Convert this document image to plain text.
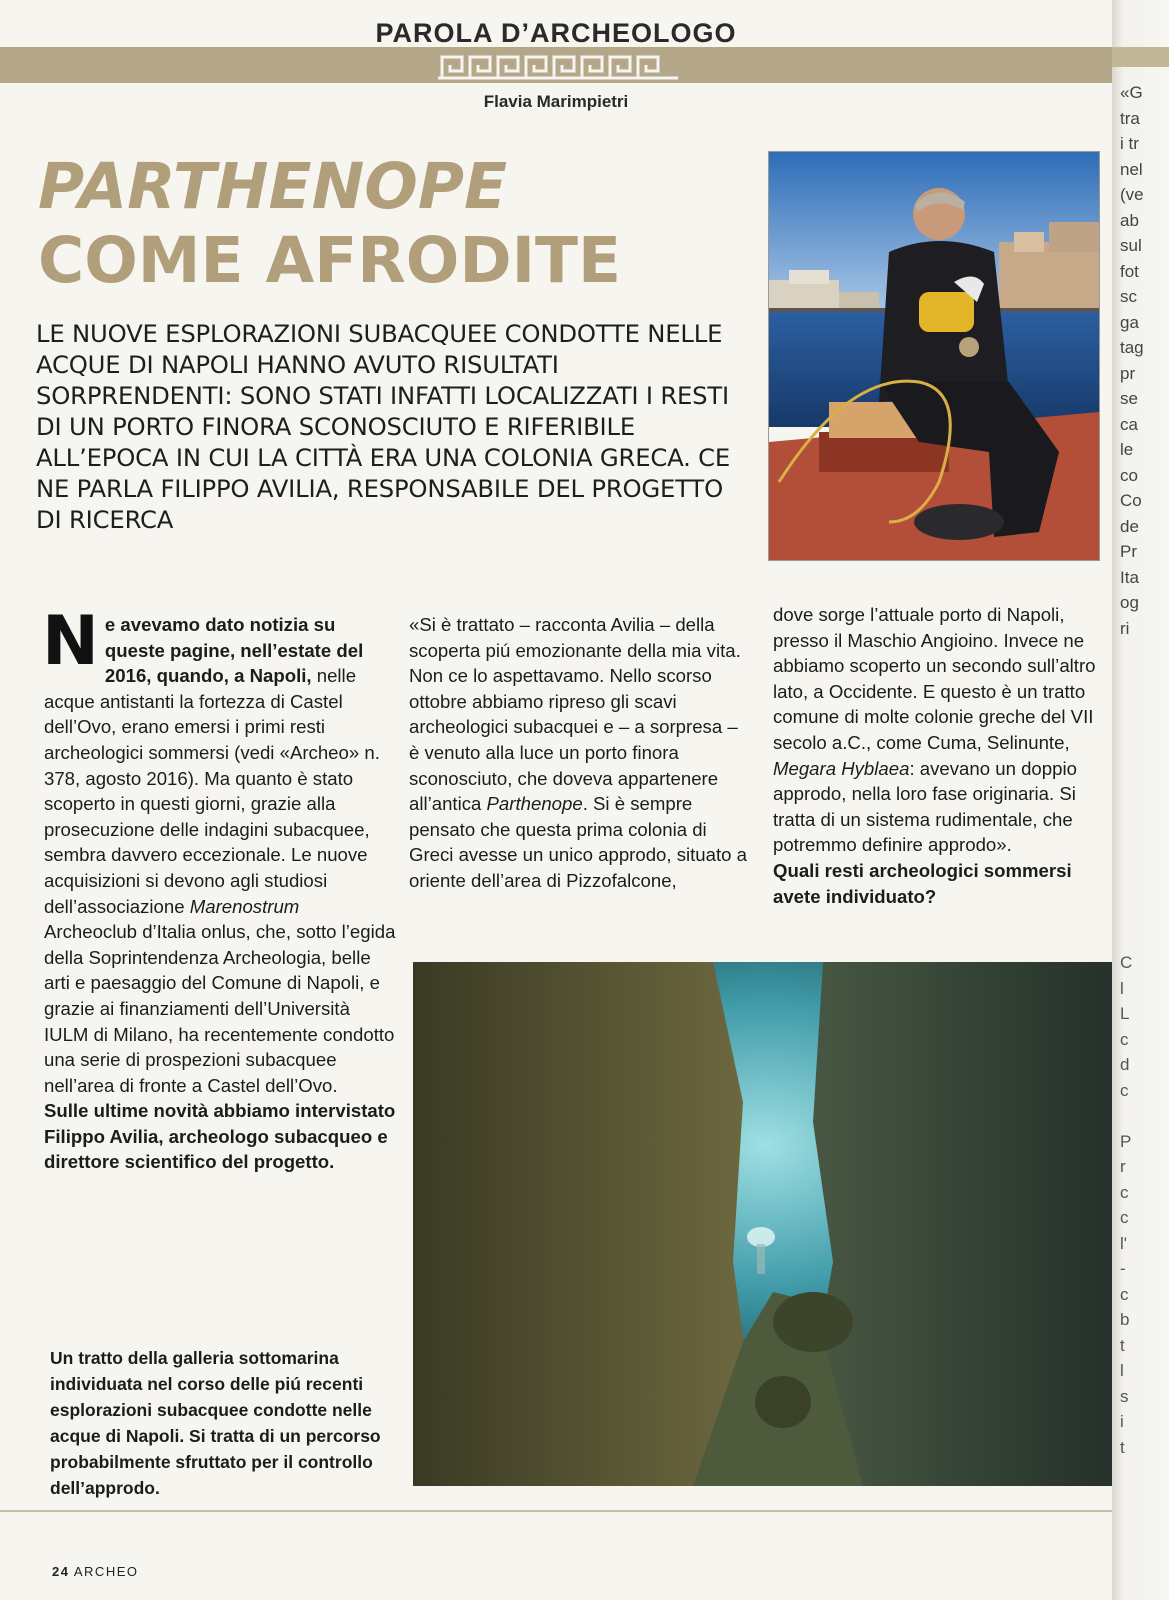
PAROLA D’ARCHEOLOGO
Flavia Marimpietri
PARTHENOPE
COME AFRODITE
LE NUOVE ESPLORAZIONI SUBACQUEE CONDOTTE NELLE ACQUE DI NAPOLI HANNO AVUTO RISULTATI SORPRENDENTI: SONO STATI INFATTI LOCALIZZATI I RESTI DI UN PORTO FINORA SCONOSCIUTO E RIFERIBILE ALL’EPOCA IN CUI LA CITTÀ ERA UNA COLONIA GRECA. CE NE PARLA FILIPPO AVILIA, RESPONSABILE DEL PROGETTO DI RICERCA
Ne avevamo dato notizia su queste pagine, nell’estate del 2016, quando, a Napoli, nelle acque antistanti la fortezza di Castel dell’Ovo, erano emersi i primi resti archeologici sommersi (vedi «Archeo» n. 378, agosto 2016). Ma quanto è stato scoperto in questi giorni, grazie alla prosecuzione delle indagini subacquee, sembra davvero eccezionale. Le nuove acquisizioni si devono agli studiosi dell’associazione Marenostrum Archeoclub d’Italia onlus, che, sotto l’egida della Soprintendenza Archeologia, belle arti e paesaggio del Comune di Napoli, e grazie ai finanziamenti dell’Università IULM di Milano, ha recentemente condotto una serie di prospezioni subacquee nell’area di fronte a Castel dell’Ovo.
Sulle ultime novità abbiamo intervistato Filippo Avilia, archeologo subacqueo e direttore scientifico del progetto.
«Si è trattato – racconta Avilia – della scoperta piú emozionante della mia vita. Non ce lo aspettavamo. Nello scorso ottobre abbiamo ripreso gli scavi archeologici subacquei e – a sorpresa – è venuto alla luce un porto finora sconosciuto, che doveva appartenere all’antica Parthenope. Si è sempre pensato che questa prima colonia di Greci avesse un unico approdo, situato a oriente dell’area di Pizzofalcone,
dove sorge l’attuale porto di Napoli, presso il Maschio Angioino. Invece ne abbiamo scoperto un secondo sull’altro lato, a Occidente. E questo è un tratto comune di molte colonie greche del VII secolo a.C., come Cuma, Selinunte, Megara Hyblaea: avevano un doppio approdo, nella loro fase originaria. Si tratta di un sistema rudimentale, che potremmo definire approdo».
Quali resti archeologici sommersi avete individuato?
Un tratto della galleria sottomarina individuata nel corso delle piú recenti esplorazioni subacquee condotte nelle acque di Napoli. Si tratta di un percorso probabilmente sfruttato per il controllo dell’approdo.
24 ARCHEO
«G
tra
i tr
nel
(ve
ab
sul
fot
sc
ga
tag
pr
se
ca
le
co
Co
de
Pr
Ita
og
ri
C
l
L
c
d
c

P
r
c
c
l'
-
c
b
t
l
s
i
t
